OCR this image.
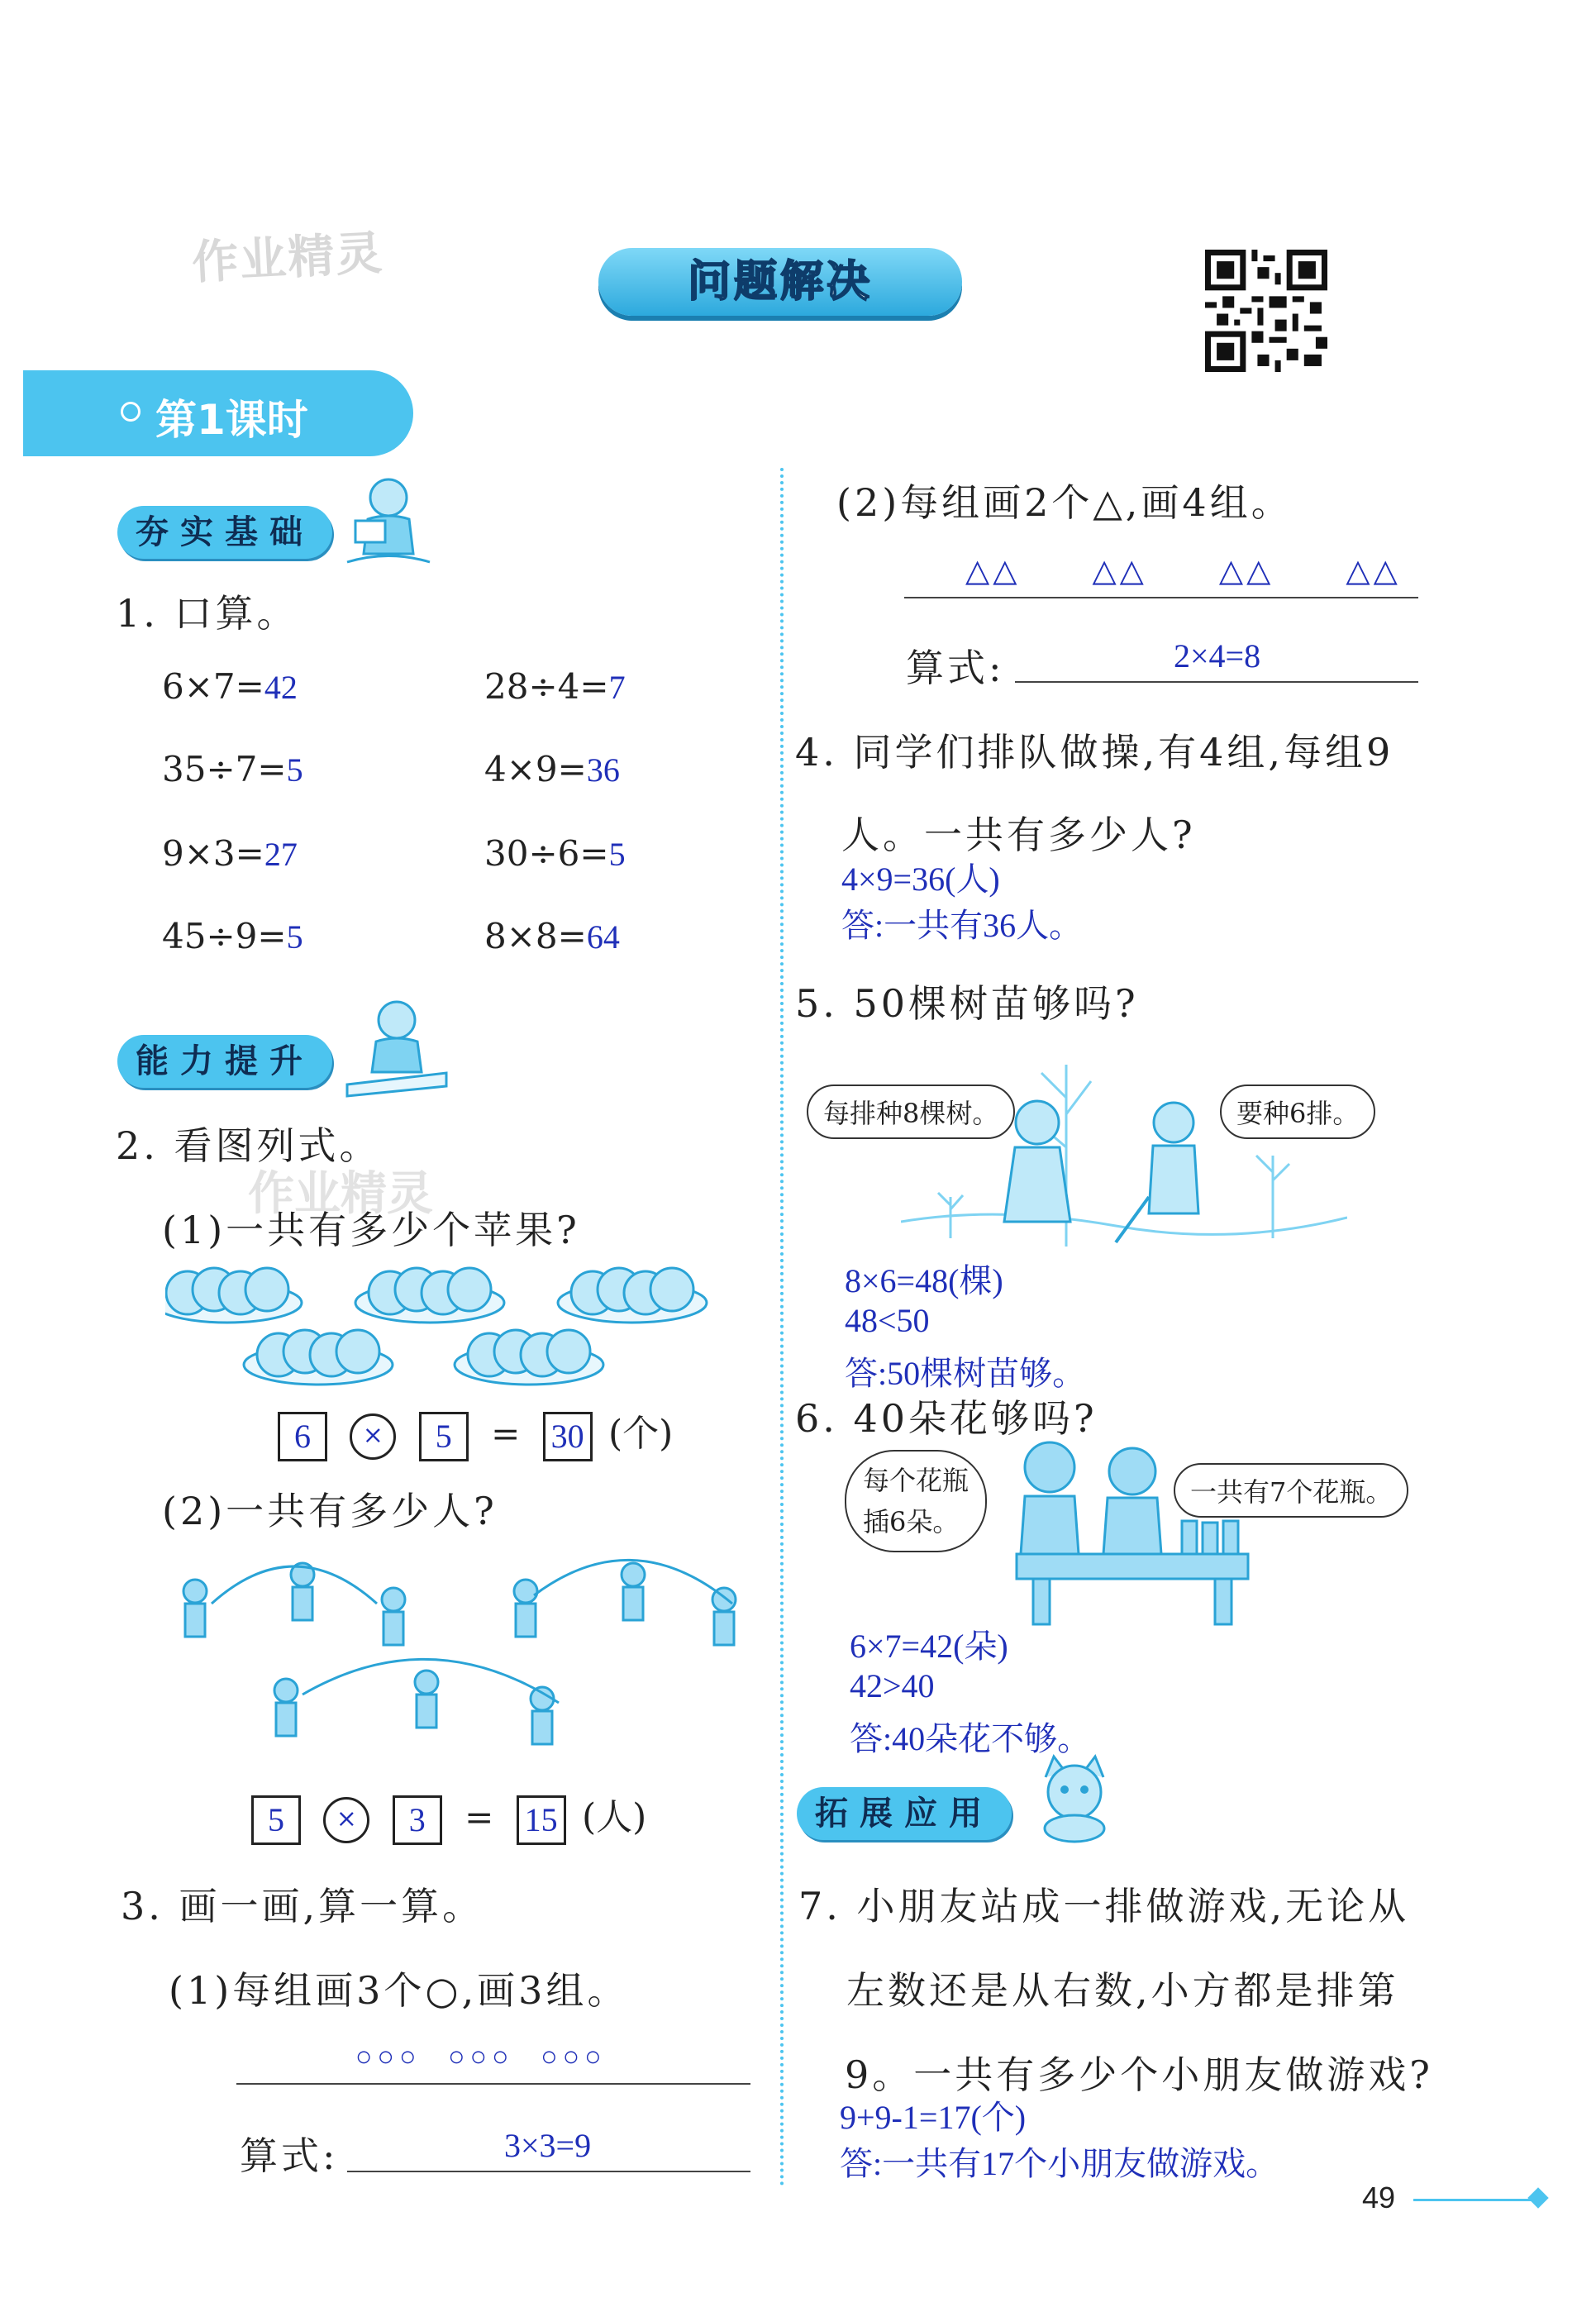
作业精灵
作业精灵
问题解决
第1课时
夯实基础
1. 口算。
6×7=42	28÷4=7
35÷7=5	4×9=36
9×3=27	30÷6=5
45÷9=5	8×8=64
能力提升
2. 看图列式。
(1)一共有多少个苹果?
6 × 5 = 30 (个)
(2)一共有多少人?
5 × 3 = 15 (人)
3. 画一画,算一算。
(1)每组画3个○,画3组。
○○○ ○○○ ○○○
算式:	3×3=9
(2)每组画2个△,画4组。
△△  △△  △△  △△
算式:	2×4=8
4. 同学们排队做操,有4组,每组9
人。一共有多少人?
4×9=36(人)
答:一共有36人。
5. 50棵树苗够吗?
每排种8棵树。	要种6排。
8×6=48(棵)
48<50
答:50棵树苗够。
6. 40朵花够吗?
每个花瓶
插6朵。
一共有7个花瓶。
6×7=42(朵)
42>40
答:40朵花不够。
拓展应用
7. 小朋友站成一排做游戏,无论从
左数还是从右数,小方都是排第
9。一共有多少个小朋友做游戏?
9+9-1=17(个)
答:一共有17个小朋友做游戏。
49
